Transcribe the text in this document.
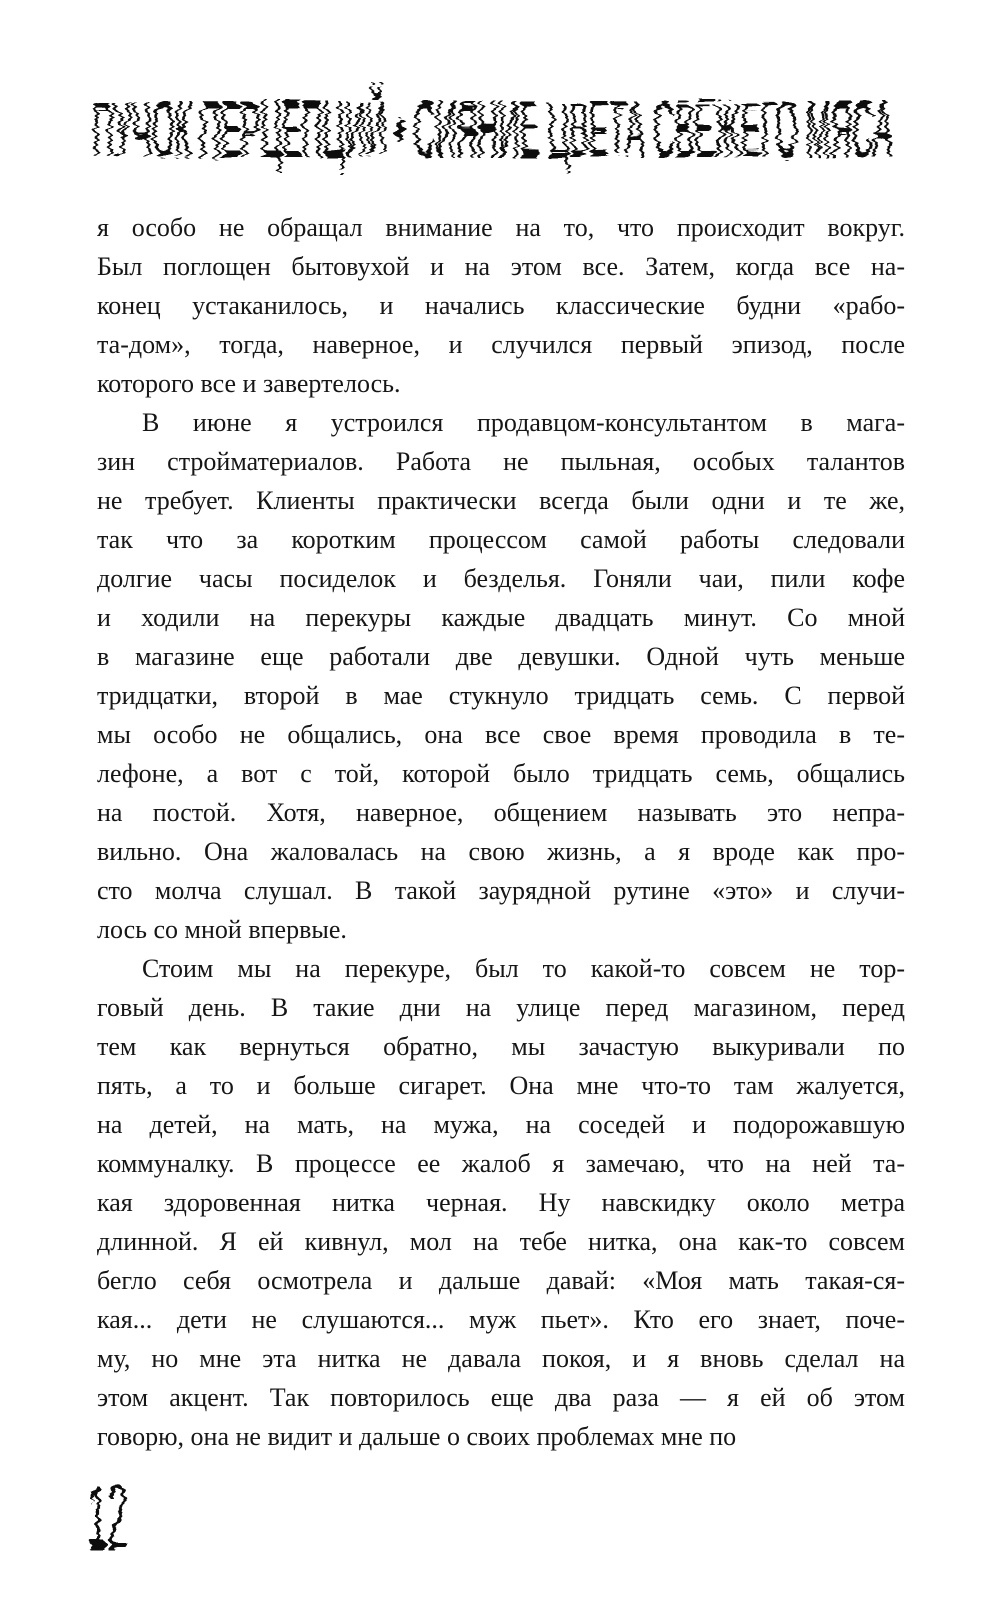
ПУЧОК ПЕРЦЕПЦИЙ • СИЯНИЕ ЦВЕТА СВЕЖЕГО МЯСА
я особо не обращал внимание на то, что происходит вокруг.
Был поглощен бытовухой и на этом все. Затем, когда все на-
конец устаканилось, и начались классические будни «рабо-
та-дом», тогда, наверное, и случился первый эпизод, после
которого все и завертелось.
В июне я устроился продавцом-консультантом в мага-
зин стройматериалов. Работа не пыльная, особых талантов
не требует. Клиенты практически всегда были одни и те же,
так что за коротким процессом самой работы следовали
долгие часы посиделок и безделья. Гоняли чаи, пили кофе
и ходили на перекуры каждые двадцать минут. Со мной
в магазине еще работали две девушки. Одной чуть меньше
тридцатки, второй в мае стукнуло тридцать семь. С первой
мы особо не общались, она все свое время проводила в те-
лефоне, а вот с той, которой было тридцать семь, общались
на постой. Хотя, наверное, общением называть это непра-
вильно. Она жаловалась на свою жизнь, а я вроде как про-
сто молча слушал. В такой заурядной рутине «это» и случи-
лось со мной впервые.
Стоим мы на перекуре, был то какой-то совсем не тор-
говый день. В такие дни на улице перед магазином, перед
тем как вернуться обратно, мы зачастую выкуривали по
пять, а то и больше сигарет. Она мне что-то там жалуется,
на детей, на мать, на мужа, на соседей и подорожавшую
коммуналку. В процессе ее жалоб я замечаю, что на ней та-
кая здоровенная нитка черная. Ну навскидку около метра
длинной. Я ей кивнул, мол на тебе нитка, она как-то совсем
бегло себя осмотрела и дальше давай: «Моя мать такая-ся-
кая... дети не слушаются... муж пьет». Кто его знает, поче-
му, но мне эта нитка не давала покоя, и я вновь сделал на
этом акцент. Так повторилось еще два раза — я ей об этом
говорю, она не видит и дальше о своих проблемах мне по
12
